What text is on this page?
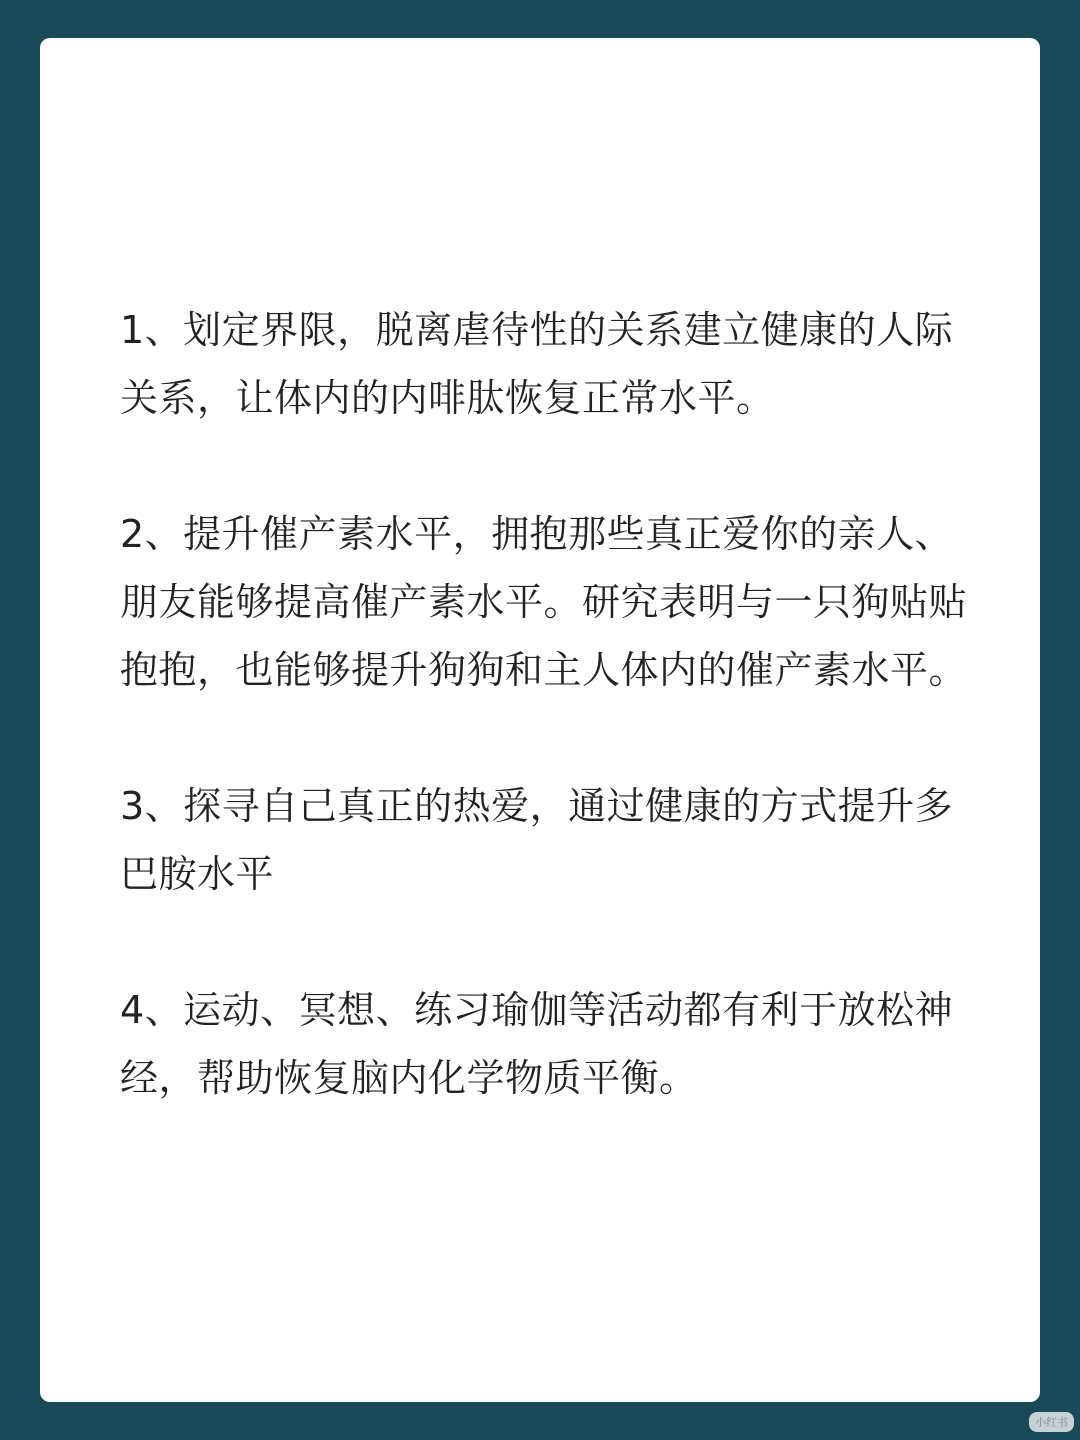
1、划定界限，脱离虐待性的关系建立健康的人际关系，让体内的内啡肽恢复正常水平。

2、提升催产素水平，拥抱那些真正爱你的亲人、朋友能够提高催产素水平。研究表明与一只狗贴贴抱抱，也能够提升狗狗和主人体内的催产素水平。

3、探寻自己真正的热爱，通过健康的方式提升多巴胺水平

4、运动、冥想、练习瑜伽等活动都有利于放松神经，帮助恢复脑内化学物质平衡。

小红书
